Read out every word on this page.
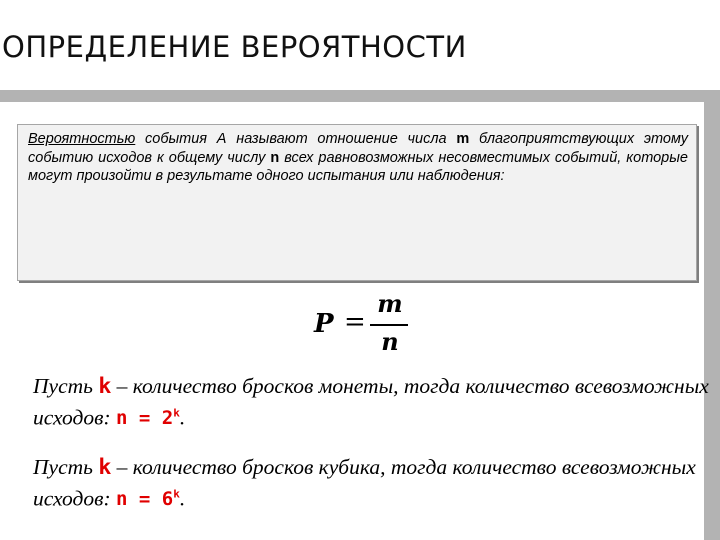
ОПРЕДЕЛЕНИЕ ВЕРОЯТНОСТИ

Вероятностью события А называют отношение числа m благоприятствующих этому событию исходов к общему числу n всех равновозможных несовместимых событий, которые могут произойти в результате одного испытания или наблюдения:

P =
m
n

Пусть k – количество бросков монеты, тогда количество всевозможных исходов: $n = 2^k$.

Пусть k – количество бросков кубика, тогда количество всевозможных исходов: $n = 6^k$.
